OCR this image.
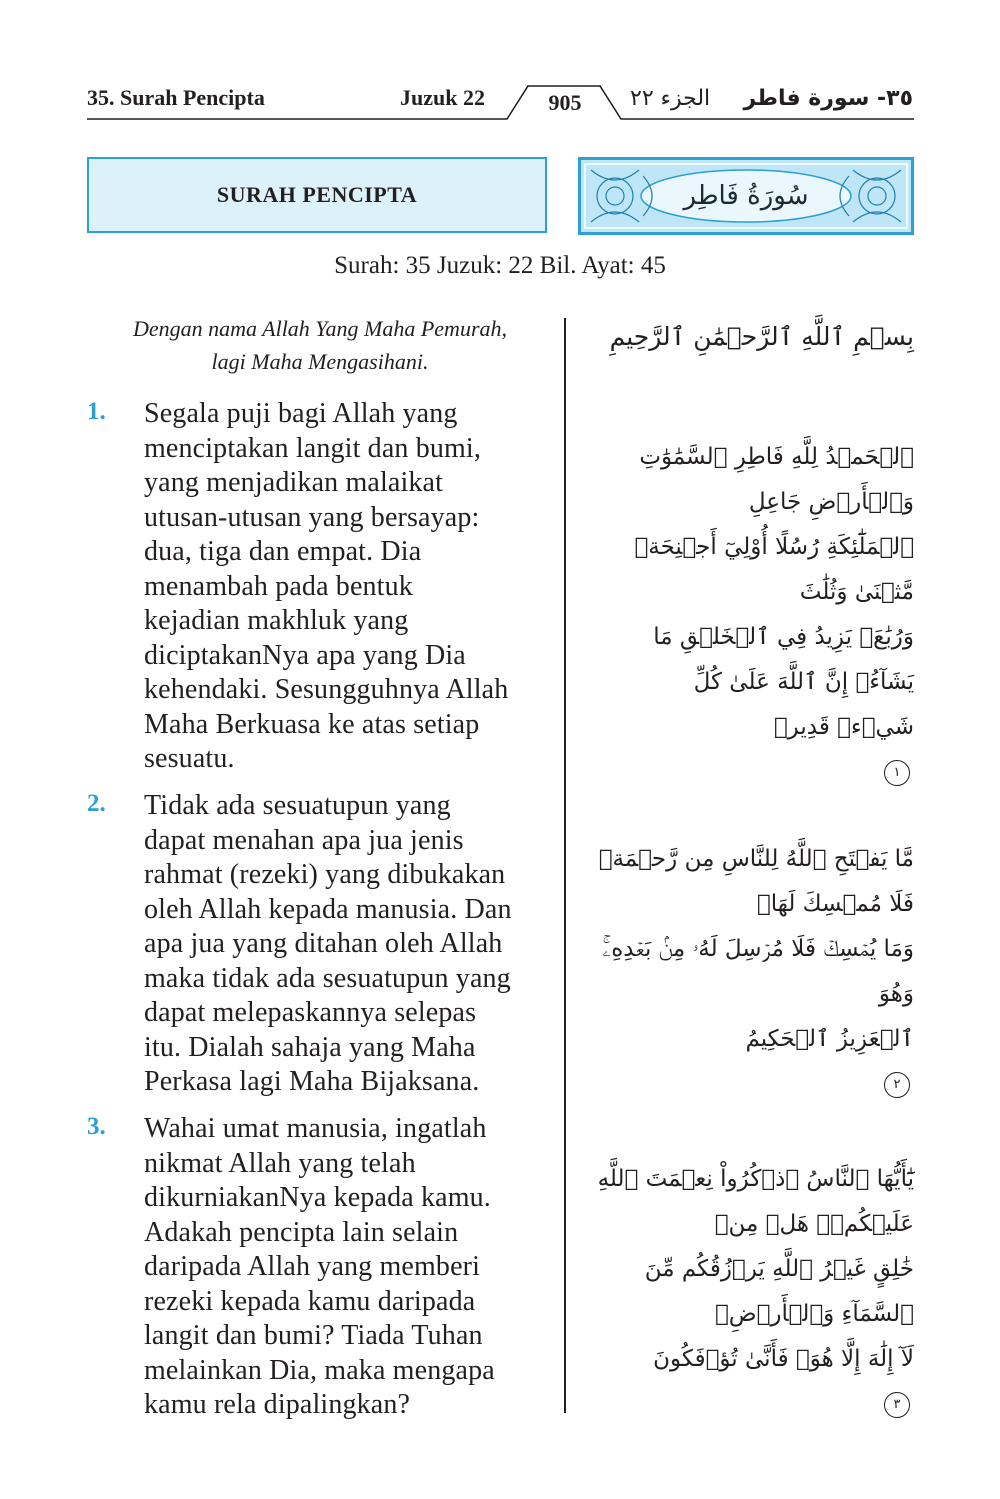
35. Surah Pencipta	Juzuk 22	905	الجزء ٢٢ ٣٥- سورة فاطر
SURAH PENCIPTA	سُورَةُ فَاطِر
Surah: 35 Juzuk: 22 Bil. Ayat: 45
Dengan nama Allah Yang Maha Pemurah,
lagi Maha Mengasihani.
بِسۡمِ ٱللَّهِ ٱلرَّحۡمَٰنِ ٱلرَّحِيمِ
1. Segala puji bagi Allah yang
menciptakan langit dan bumi,
yang menjadikan malaikat
utusan-utusan yang bersayap:
dua, tiga dan empat. Dia
menambah pada bentuk
kejadian makhluk yang
diciptakanNya apa yang Dia
kehendaki. Sesungguhnya Allah
Maha Berkuasa ke atas setiap
sesuatu.

ٱلۡحَمۡدُ لِلَّهِ فَاطِرِ ٱلسَّمَٰوَٰتِ وَٱلۡأَرۡضِ جَاعِلِ
ٱلۡمَلَٰٓئِكَةِ رُسُلًا أُوْلِيٓ أَجۡنِحَةٖ مَّثۡنَىٰ وَثُلَٰثَ
وَرُبَٰعَۚ يَزِيدُ فِي ٱلۡخَلۡقِ مَا يَشَآءُۚ إِنَّ ٱللَّهَ عَلَىٰ كُلِّ
شَيۡءٖ قَدِيرٞ
١

2. Tidak ada sesuatupun yang
dapat menahan apa jua jenis
rahmat (rezeki) yang dibukakan
oleh Allah kepada manusia. Dan
apa jua yang ditahan oleh Allah
maka tidak ada sesuatupun yang
dapat melepaskannya selepas
itu. Dialah sahaja yang Maha
Perkasa lagi Maha Bijaksana.

مَّا يَفۡتَحِ ٱللَّهُ لِلنَّاسِ مِن رَّحۡمَةٖ فَلَا مُمۡسِكَ لَهَاۖ
وَمَا يُمۡسِكۡ فَلَا مُرۡسِلَ لَهُۥ مِنۢ بَعۡدِهِۦۚ وَهُوَ
ٱلۡعَزِيزُ ٱلۡحَكِيمُ
٢

3. Wahai umat manusia, ingatlah
nikmat Allah yang telah
dikurniakanNya kepada kamu.
Adakah pencipta lain selain
daripada Allah yang memberi
rezeki kepada kamu daripada
langit dan bumi? Tiada Tuhan
melainkan Dia, maka mengapa
kamu rela dipalingkan?

يَٰٓأَيُّهَا ٱلنَّاسُ ٱذۡكُرُواْ نِعۡمَتَ ٱللَّهِ عَلَيۡكُمۡۚ هَلۡ مِنۡ
خَٰلِقٍ غَيۡرُ ٱللَّهِ يَرۡزُقُكُم مِّنَ ٱلسَّمَآءِ وَٱلۡأَرۡضِۚ
لَآ إِلَٰهَ إِلَّا هُوَۖ فَأَنَّىٰ تُؤۡفَكُونَ
٣
